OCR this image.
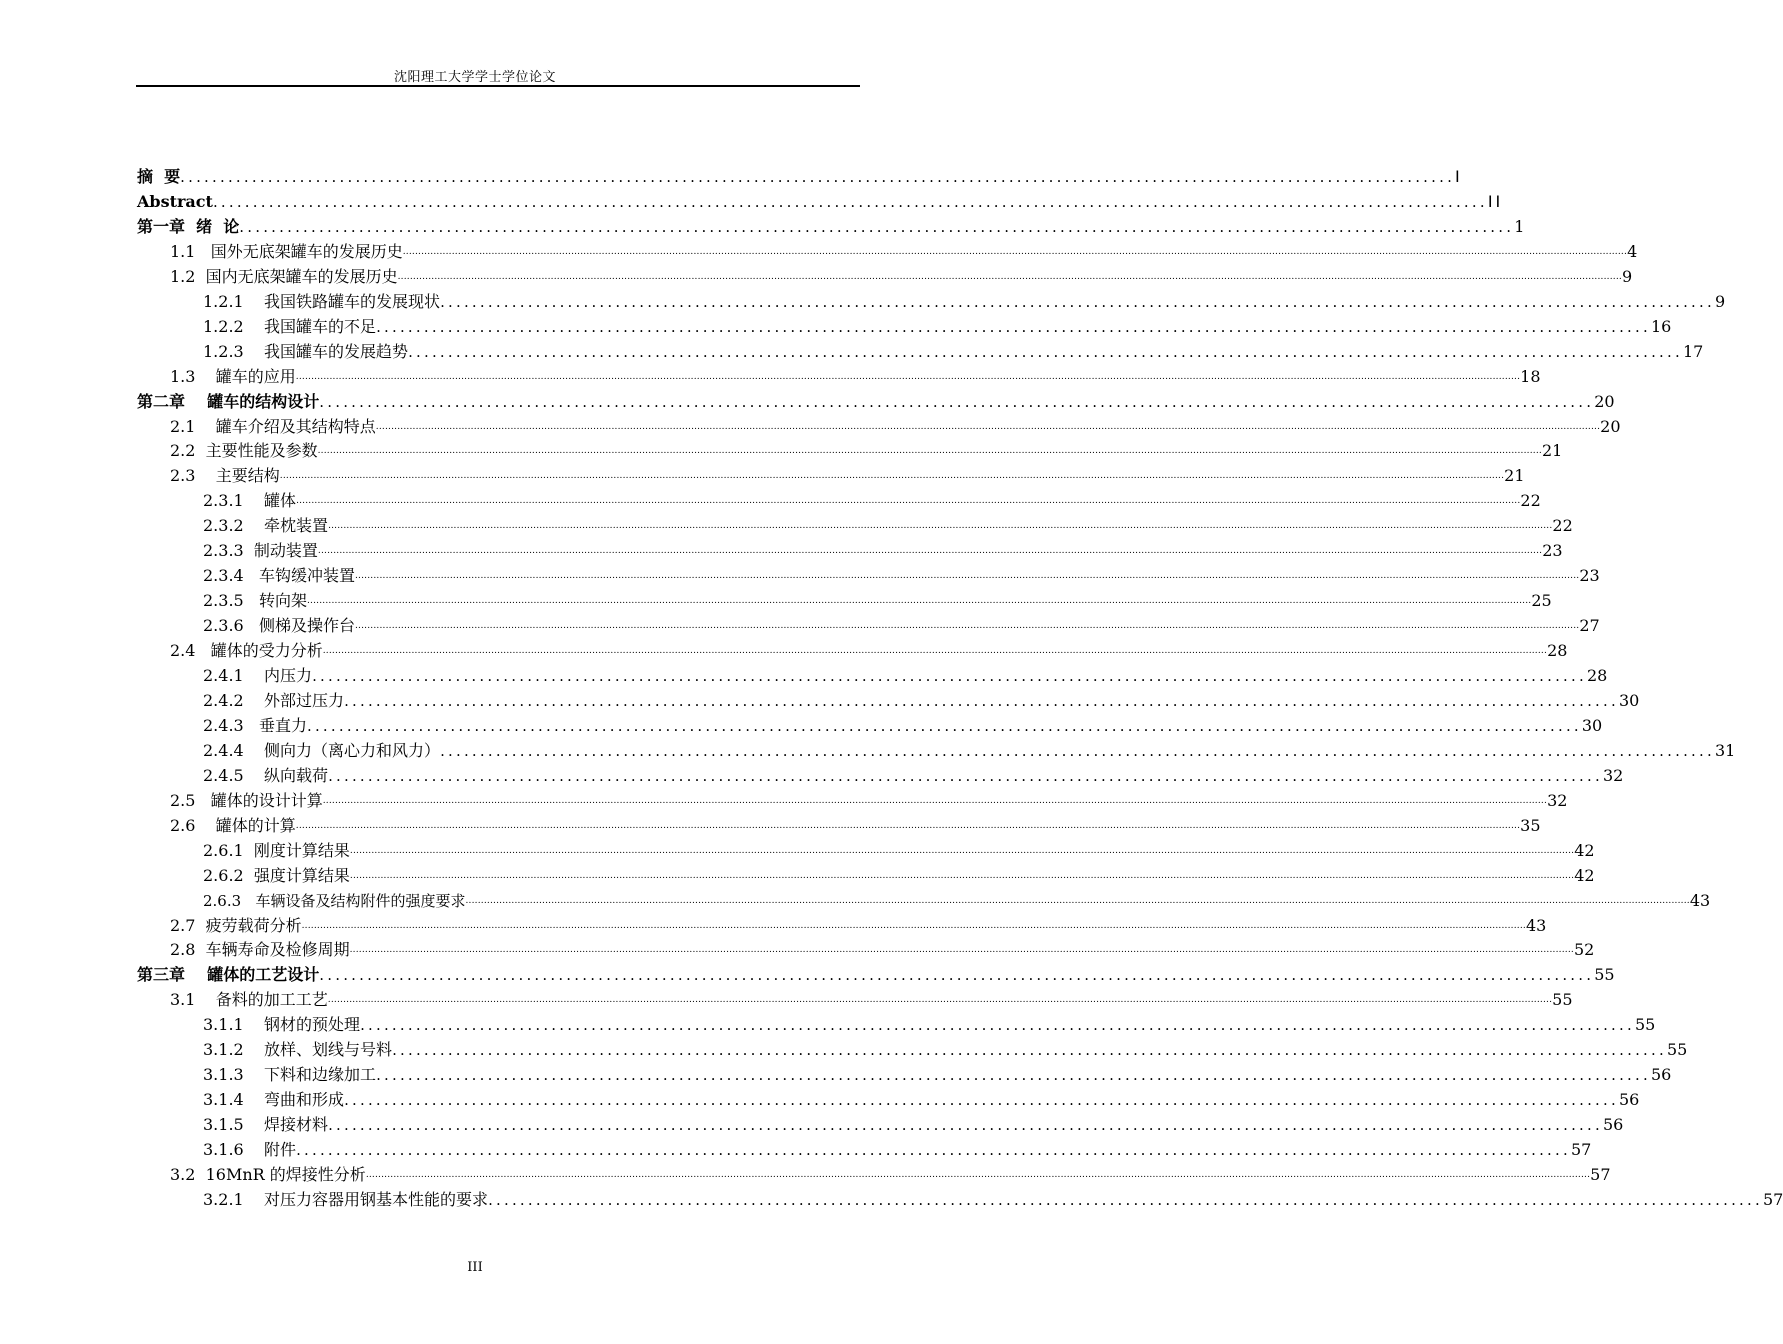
沈阳理工大学学士学位论文
摘  要 ................................................................................................................................................................ I
Abstract ................................................................................................................................................................ II
第一章  绪  论 ................................................................................................................................................................ 1
1.1   国外无底架罐车的发展历史 ................................................................................................................................................................................................................................................................................................................................................................................................................ 4
1.2  国内无底架罐车的发展历史 ................................................................................................................................................................................................................................................................................................................................................................................................................ 9
1.2.1    我国铁路罐车的发展现状 ................................................................................................................................................................ 9
1.2.2    我国罐车的不足 ................................................................................................................................................................ 16
1.2.3    我国罐车的发展趋势 ................................................................................................................................................................ 17
1.3    罐车的应用 ................................................................................................................................................................................................................................................................................................................................................................................................................ 18
第二章    罐车的结构设计 ................................................................................................................................................................ 20
2.1    罐车介绍及其结构特点 ................................................................................................................................................................................................................................................................................................................................................................................................................ 20
2.2  主要性能及参数 ................................................................................................................................................................................................................................................................................................................................................................................................................ 21
2.3    主要结构 ................................................................................................................................................................................................................................................................................................................................................................................................................ 21
2.3.1    罐体 ................................................................................................................................................................................................................................................................................................................................................................................................................ 22
2.3.2    牵枕装置 ................................................................................................................................................................................................................................................................................................................................................................................................................ 22
2.3.3  制动装置 ................................................................................................................................................................................................................................................................................................................................................................................................................ 23
2.3.4   车钩缓冲装置 ................................................................................................................................................................................................................................................................................................................................................................................................................ 23
2.3.5   转向架 ................................................................................................................................................................................................................................................................................................................................................................................................................ 25
2.3.6   侧梯及操作台 ................................................................................................................................................................................................................................................................................................................................................................................................................ 27
2.4   罐体的受力分析 ................................................................................................................................................................................................................................................................................................................................................................................................................ 28
2.4.1    内压力 ................................................................................................................................................................ 28
2.4.2    外部过压力 ................................................................................................................................................................ 30
2.4.3   垂直力 ................................................................................................................................................................ 30
2.4.4    侧向力（离心力和风力） ................................................................................................................................................................ 31
2.4.5    纵向载荷 ................................................................................................................................................................ 32
2.5   罐体的设计计算 ................................................................................................................................................................................................................................................................................................................................................................................................................ 32
2.6    罐体的计算 ................................................................................................................................................................................................................................................................................................................................................................................................................ 35
2.6.1  刚度计算结果 ................................................................................................................................................................................................................................................................................................................................................................................................................ 42
2.6.2  强度计算结果 ................................................................................................................................................................................................................................................................................................................................................................................................................ 42
2.6.3   车辆设备及结构附件的强度要求 ................................................................................................................................................................................................................................................................................................................................................................................................................ 43
2.7  疲劳载荷分析 ................................................................................................................................................................................................................................................................................................................................................................................................................ 43
2.8  车辆寿命及检修周期 ................................................................................................................................................................................................................................................................................................................................................................................................................ 52
第三章    罐体的工艺设计 ................................................................................................................................................................ 55
3.1    备料的加工工艺 ................................................................................................................................................................................................................................................................................................................................................................................................................ 55
3.1.1    钢材的预处理 ................................................................................................................................................................ 55
3.1.2    放样、划线与号料 ................................................................................................................................................................ 55
3.1.3    下料和边缘加工 ................................................................................................................................................................ 56
3.1.4    弯曲和形成 ................................................................................................................................................................ 56
3.1.5    焊接材料 ................................................................................................................................................................ 56
3.1.6    附件 ................................................................................................................................................................ 57
3.2  16MnR 的焊接性分析 ................................................................................................................................................................................................................................................................................................................................................................................................................ 57
3.2.1    对压力容器用钢基本性能的要求 ................................................................................................................................................................ 57
III
